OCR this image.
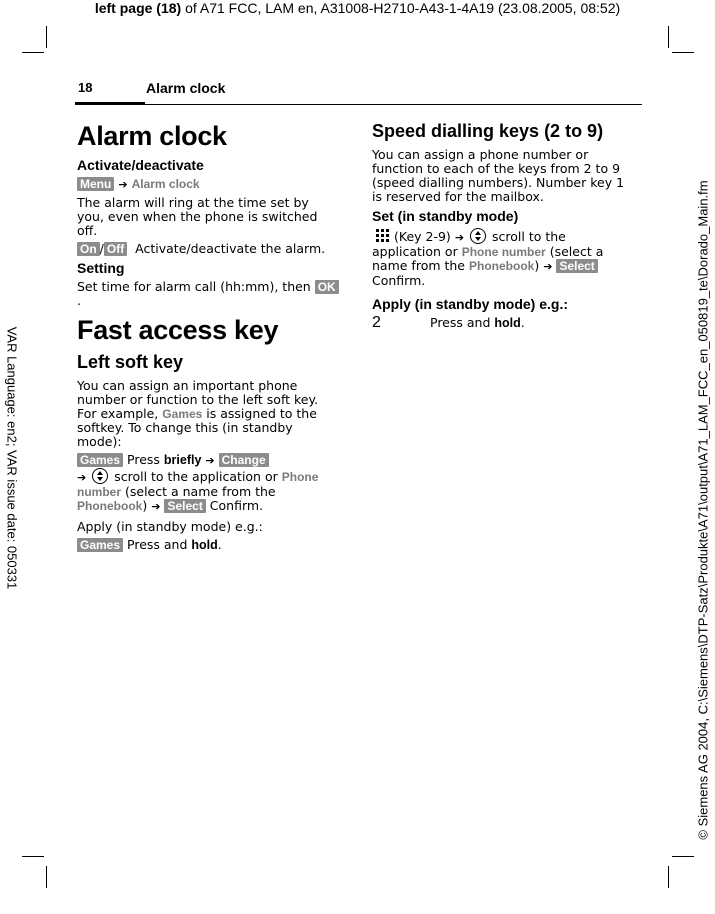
left page (18) of A71 FCC, LAM en, A31008-H2710-A43-1-4A19 (23.08.2005, 08:52)
VAR Language: en2; VAR issue date: 050331	© Siemens AG 2004, C:\Siemens\DTP-Satz\Produkte\A71\output\A71_LAM_FCC_en_050819_te\Dorado_Main.fm
18	Alarm clock
Alarm clock
Activate/deactivate

Menu ➔ Alarm clock

The alarm will ring at the time set by you, even when the phone is switched off.

On / Off Activate/deactivate the alarm.

Setting

Set time for alarm call (hh:mm), then OK.

Fast access key
Left soft key

You can assign an important phone number or function to the left soft key. For example, Games is assigned to the softkey. To change this (in standby mode):

Games Press briefly ➔ Change
➔ scroll to the application or Phone number (select a name from the Phonebook) ➔ Select Confirm.

Apply (in standby mode) e.g.:

Games Press and hold.

Speed dialling keys (2 to 9)

You can assign a phone number or function to each of the keys from 2 to 9 (speed dialling numbers). Number key 1 is reserved for the mailbox.

Set (in standby mode)

(Key 2-9) ➔ scroll to the application or Phone number (select a name from the Phonebook) ➔ Select
Confirm.

Apply (in standby mode) e.g.:
2	Press and hold.
